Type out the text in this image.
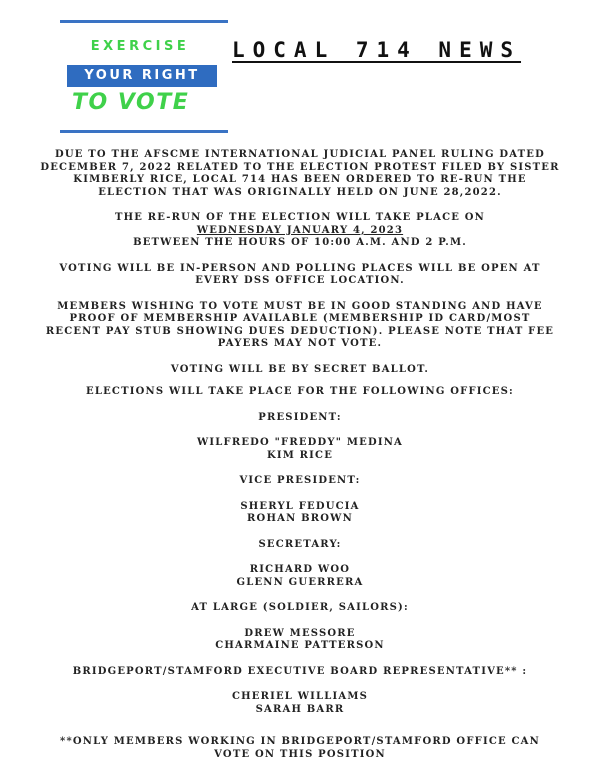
EXERCISE
YOUR RIGHT
TO VOTE
LOCAL 714 NEWS

DUE TO THE AFSCME INTERNATIONAL JUDICIAL PANEL RULING DATED DECEMBER 7, 2022 RELATED TO THE ELECTION PROTEST FILED BY SISTER KIMBERLY RICE, LOCAL 714 HAS BEEN ORDERED TO RE-RUN THE ELECTION THAT WAS ORIGINALLY HELD ON JUNE 28,2022.

THE RE-RUN OF THE ELECTION WILL TAKE PLACE ON

WEDNESDAY JANUARY 4, 2023

BETWEEN THE HOURS OF 10:00 A.M. AND 2 P.M.

VOTING WILL BE IN-PERSON AND POLLING PLACES WILL BE OPEN AT EVERY DSS OFFICE LOCATION.

MEMBERS WISHING TO VOTE MUST BE IN GOOD STANDING AND HAVE PROOF OF MEMBERSHIP AVAILABLE (MEMBERSHIP ID CARD/MOST RECENT PAY STUB SHOWING DUES DEDUCTION). PLEASE NOTE THAT FEE PAYERS MAY NOT VOTE.

VOTING WILL BE BY SECRET BALLOT.

ELECTIONS WILL TAKE PLACE FOR THE FOLLOWING OFFICES:

PRESIDENT:

WILFREDO "FREDDY" MEDINA

KIM RICE

VICE PRESIDENT:

SHERYL FEDUCIA

ROHAN BROWN

SECRETARY:

RICHARD WOO

GLENN GUERRERA

AT LARGE (SOLDIER, SAILORS):

DREW MESSORE

CHARMAINE PATTERSON

BRIDGEPORT/STAMFORD EXECUTIVE BOARD REPRESENTATIVE** :

CHERIEL WILLIAMS

SARAH BARR

**ONLY MEMBERS WORKING IN BRIDGEPORT/STAMFORD OFFICE CAN VOTE ON THIS POSITION
